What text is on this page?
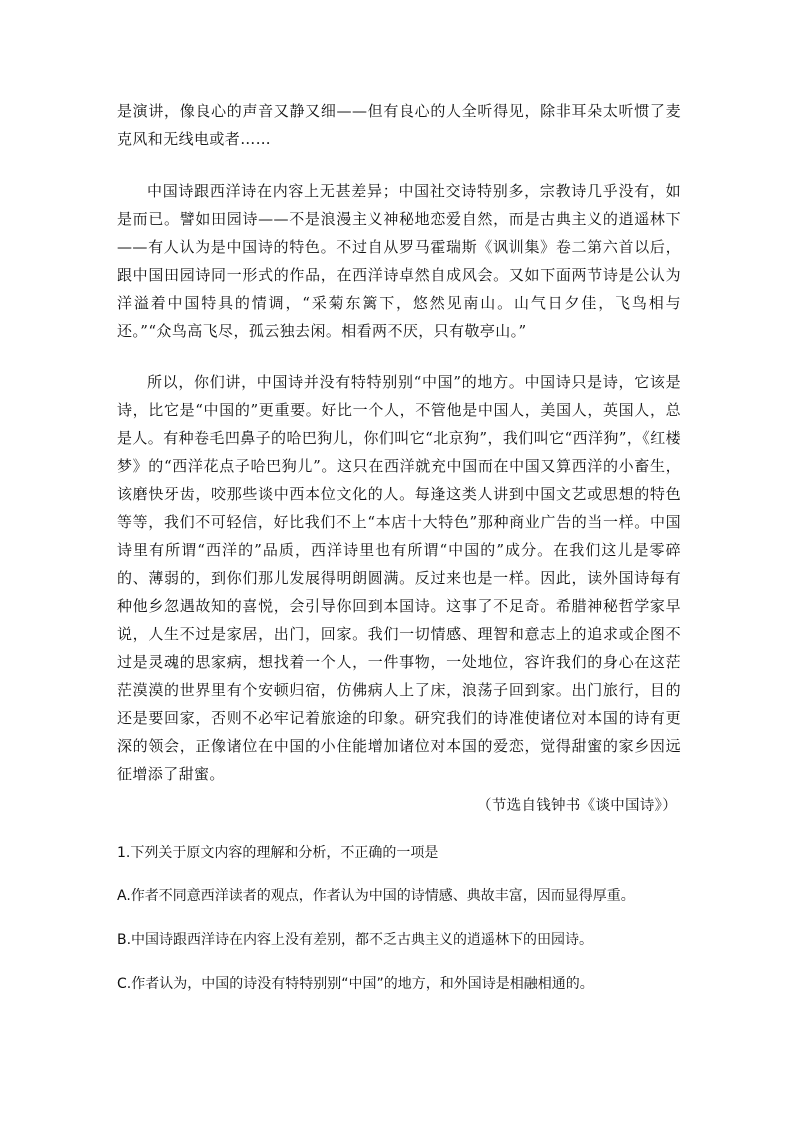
是演讲，像良心的声音又静又细——但有良心的人全听得见，除非耳朵太听惯了麦克风和无线电或者……

中国诗跟西洋诗在内容上无甚差异；中国社交诗特别多，宗教诗几乎没有，如是而已。譬如田园诗——不是浪漫主义神秘地恋爱自然，而是古典主义的逍遥林下——有人认为是中国诗的特色。不过自从罗马霍瑞斯《讽训集》卷二第六首以后，跟中国田园诗同一形式的作品，在西洋诗卓然自成风会。又如下面两节诗是公认为洋溢着中国特具的情调，“采菊东篱下，悠然见南山。山气日夕佳，飞鸟相与还。”“众鸟高飞尽，孤云独去闲。相看两不厌，只有敬亭山。”

所以，你们讲，中国诗并没有特特别别“中国”的地方。中国诗只是诗，它该是诗，比它是“中国的”更重要。好比一个人，不管他是中国人，美国人，英国人，总是人。有种卷毛凹鼻子的哈巴狗儿，你们叫它“北京狗”，我们叫它“西洋狗”，《红楼梦》的“西洋花点子哈巴狗儿”。这只在西洋就充中国而在中国又算西洋的小畜生，该磨快牙齿，咬那些谈中西本位文化的人。每逢这类人讲到中国文艺或思想的特色等等，我们不可轻信，好比我们不上“本店十大特色”那种商业广告的当一样。中国诗里有所谓“西洋的”品质，西洋诗里也有所谓“中国的”成分。在我们这儿是零碎的、薄弱的，到你们那儿发展得明朗圆满。反过来也是一样。因此，读外国诗每有种他乡忽遇故知的喜悦，会引导你回到本国诗。这事了不足奇。希腊神秘哲学家早说，人生不过是家居，出门，回家。我们一切情感、理智和意志上的追求或企图不过是灵魂的思家病，想找着一个人，一件事物，一处地位，容许我们的身心在这茫茫漠漠的世界里有个安顿归宿，仿佛病人上了床，浪荡子回到家。出门旅行，目的还是要回家，否则不必牢记着旅途的印象。研究我们的诗准使诸位对本国的诗有更深的领会，正像诸位在中国的小住能增加诸位对本国的爱恋，觉得甜蜜的家乡因远征增添了甜蜜。

（节选自钱钟书《谈中国诗》）

1.下列关于原文内容的理解和分析，不正确的一项是

A.作者不同意西洋读者的观点，作者认为中国的诗情感、典故丰富，因而显得厚重。

B.中国诗跟西洋诗在内容上没有差别，都不乏古典主义的逍遥林下的田园诗。

C.作者认为，中国的诗没有特特别别“中国”的地方，和外国诗是相融相通的。
